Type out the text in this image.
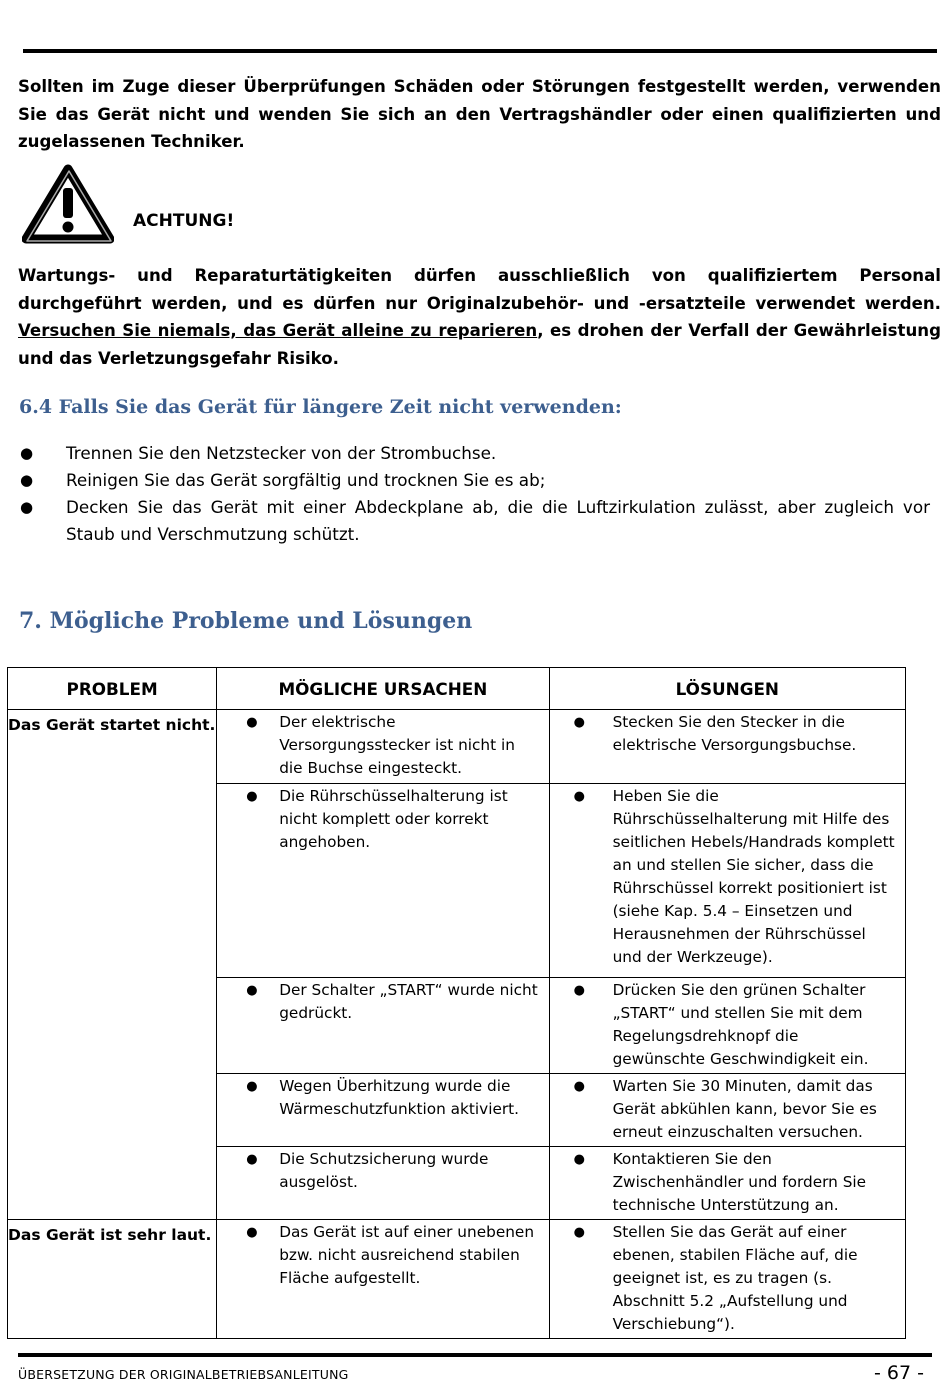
Sollten im Zuge dieser Überprüfungen Schäden oder Störungen festgestellt werden, verwenden Sie das Gerät nicht und wenden Sie sich an den Vertragshändler oder einen qualifizierten und zugelassenen Techniker.

ACHTUNG!

Wartungs- und Reparaturtätigkeiten dürfen ausschließlich von qualifiziertem Personal durchgeführt werden, und es dürfen nur Originalzubehör- und -ersatzteile verwendet werden. Versuchen Sie niemals, das Gerät alleine zu reparieren, es drohen der Verfall der Gewährleistung und das Verletzungsgefahr Risiko.

6.4 Falls Sie das Gerät für längere Zeit nicht verwenden:
● Trennen Sie den Netzstecker von der Strombuchse.
● Reinigen Sie das Gerät sorgfältig und trocknen Sie es ab;
● Decken Sie das Gerät mit einer Abdeckplane ab, die die Luftzirkulation zulässt, aber zugleich vor Staub und Verschmutzung schützt.
7. Mögliche Probleme und Lösungen
PROBLEM	MÖGLICHE URSACHEN	LÖSUNGEN
Das Gerät startet nicht.	● Der elektrische Versorgungsstecker ist nicht in die Buchse eingesteckt.	● Stecken Sie den Stecker in die elektrische Versorgungsbuchse.

	● Die Rührschüsselhalterung ist nicht komplett oder korrekt angehoben.	● Heben Sie die Rührschüsselhalterung mit Hilfe des seitlichen Hebels/Handrads komplett an und stellen Sie sicher, dass die Rührschüssel korrekt positioniert ist (siehe Kap. 5.4 – Einsetzen und Herausnehmen der Rührschüssel und der Werkzeuge).

	● Der Schalter „START“ wurde nicht gedrückt.	● Drücken Sie den grünen Schalter „START“ und stellen Sie mit dem Regelungsdrehknopf die gewünschte Geschwindigkeit ein.

	● Wegen Überhitzung wurde die Wärmeschutzfunktion aktiviert.	● Warten Sie 30 Minuten, damit das Gerät abkühlen kann, bevor Sie es erneut einzuschalten versuchen.

	● Die Schutzsicherung wurde ausgelöst.	● Kontaktieren Sie den Zwischenhändler und fordern Sie technische Unterstützung an.

Das Gerät ist sehr laut.	● Das Gerät ist auf einer unebenen bzw. nicht ausreichend stabilen Fläche aufgestellt.	● Stellen Sie das Gerät auf einer ebenen, stabilen Fläche auf, die geeignet ist, es zu tragen (s. Abschnitt 5.2 „Aufstellung und Verschiebung“).
ÜBERSETZUNG DER ORIGINALBETRIEBSANLEITUNG	- 67 -
